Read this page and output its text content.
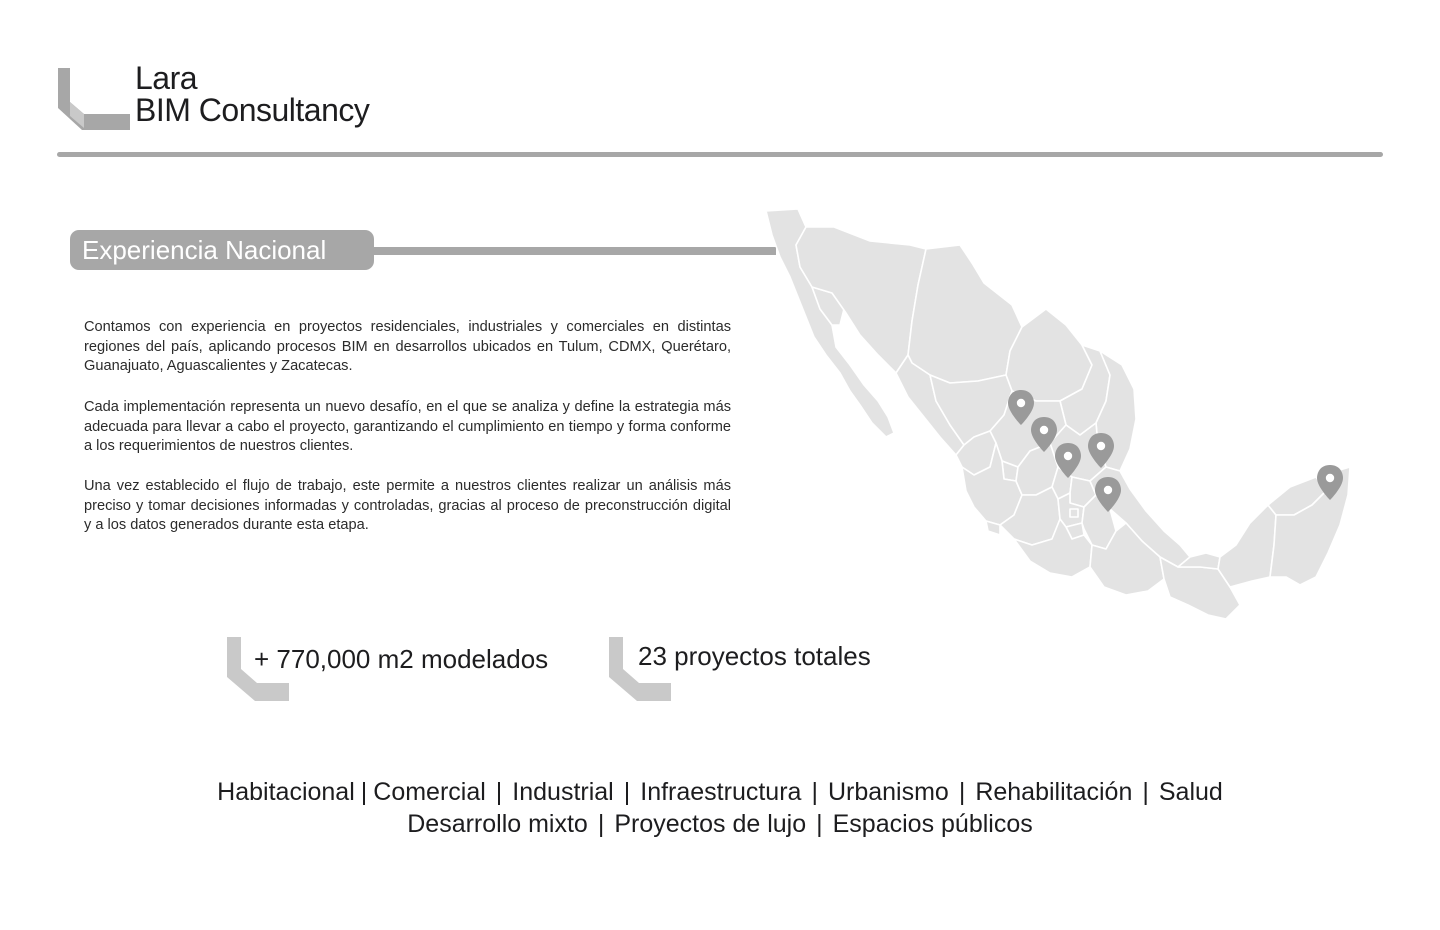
Lara
BIM Consultancy
Experiencia Nacional
Contamos con experiencia en proyectos residenciales, industriales y comerciales en distintas regiones del país, aplicando procesos BIM en desarrollos ubicados en Tulum, CDMX, Querétaro, Guanajuato, Aguascalientes y Zacatecas.
Cada implementación representa un nuevo desafío, en el que se analiza y define la estrategia más adecuada para llevar a cabo el proyecto, garantizando el cumplimiento en tiempo y forma conforme a los requerimientos de nuestros clientes.
Una vez establecido el flujo de trabajo, este permite a nuestros clientes realizar un análisis más preciso y tomar decisiones informadas y controladas, gracias al proceso de preconstrucción digital y a los datos generados durante esta etapa.
+ 770,000 m2 modelados	23 proyectos totales
Habitacional | Comercial | Industrial | Infraestructura | Urbanismo | Rehabilitación | Salud
Desarrollo mixto | Proyectos de lujo | Espacios públicos
